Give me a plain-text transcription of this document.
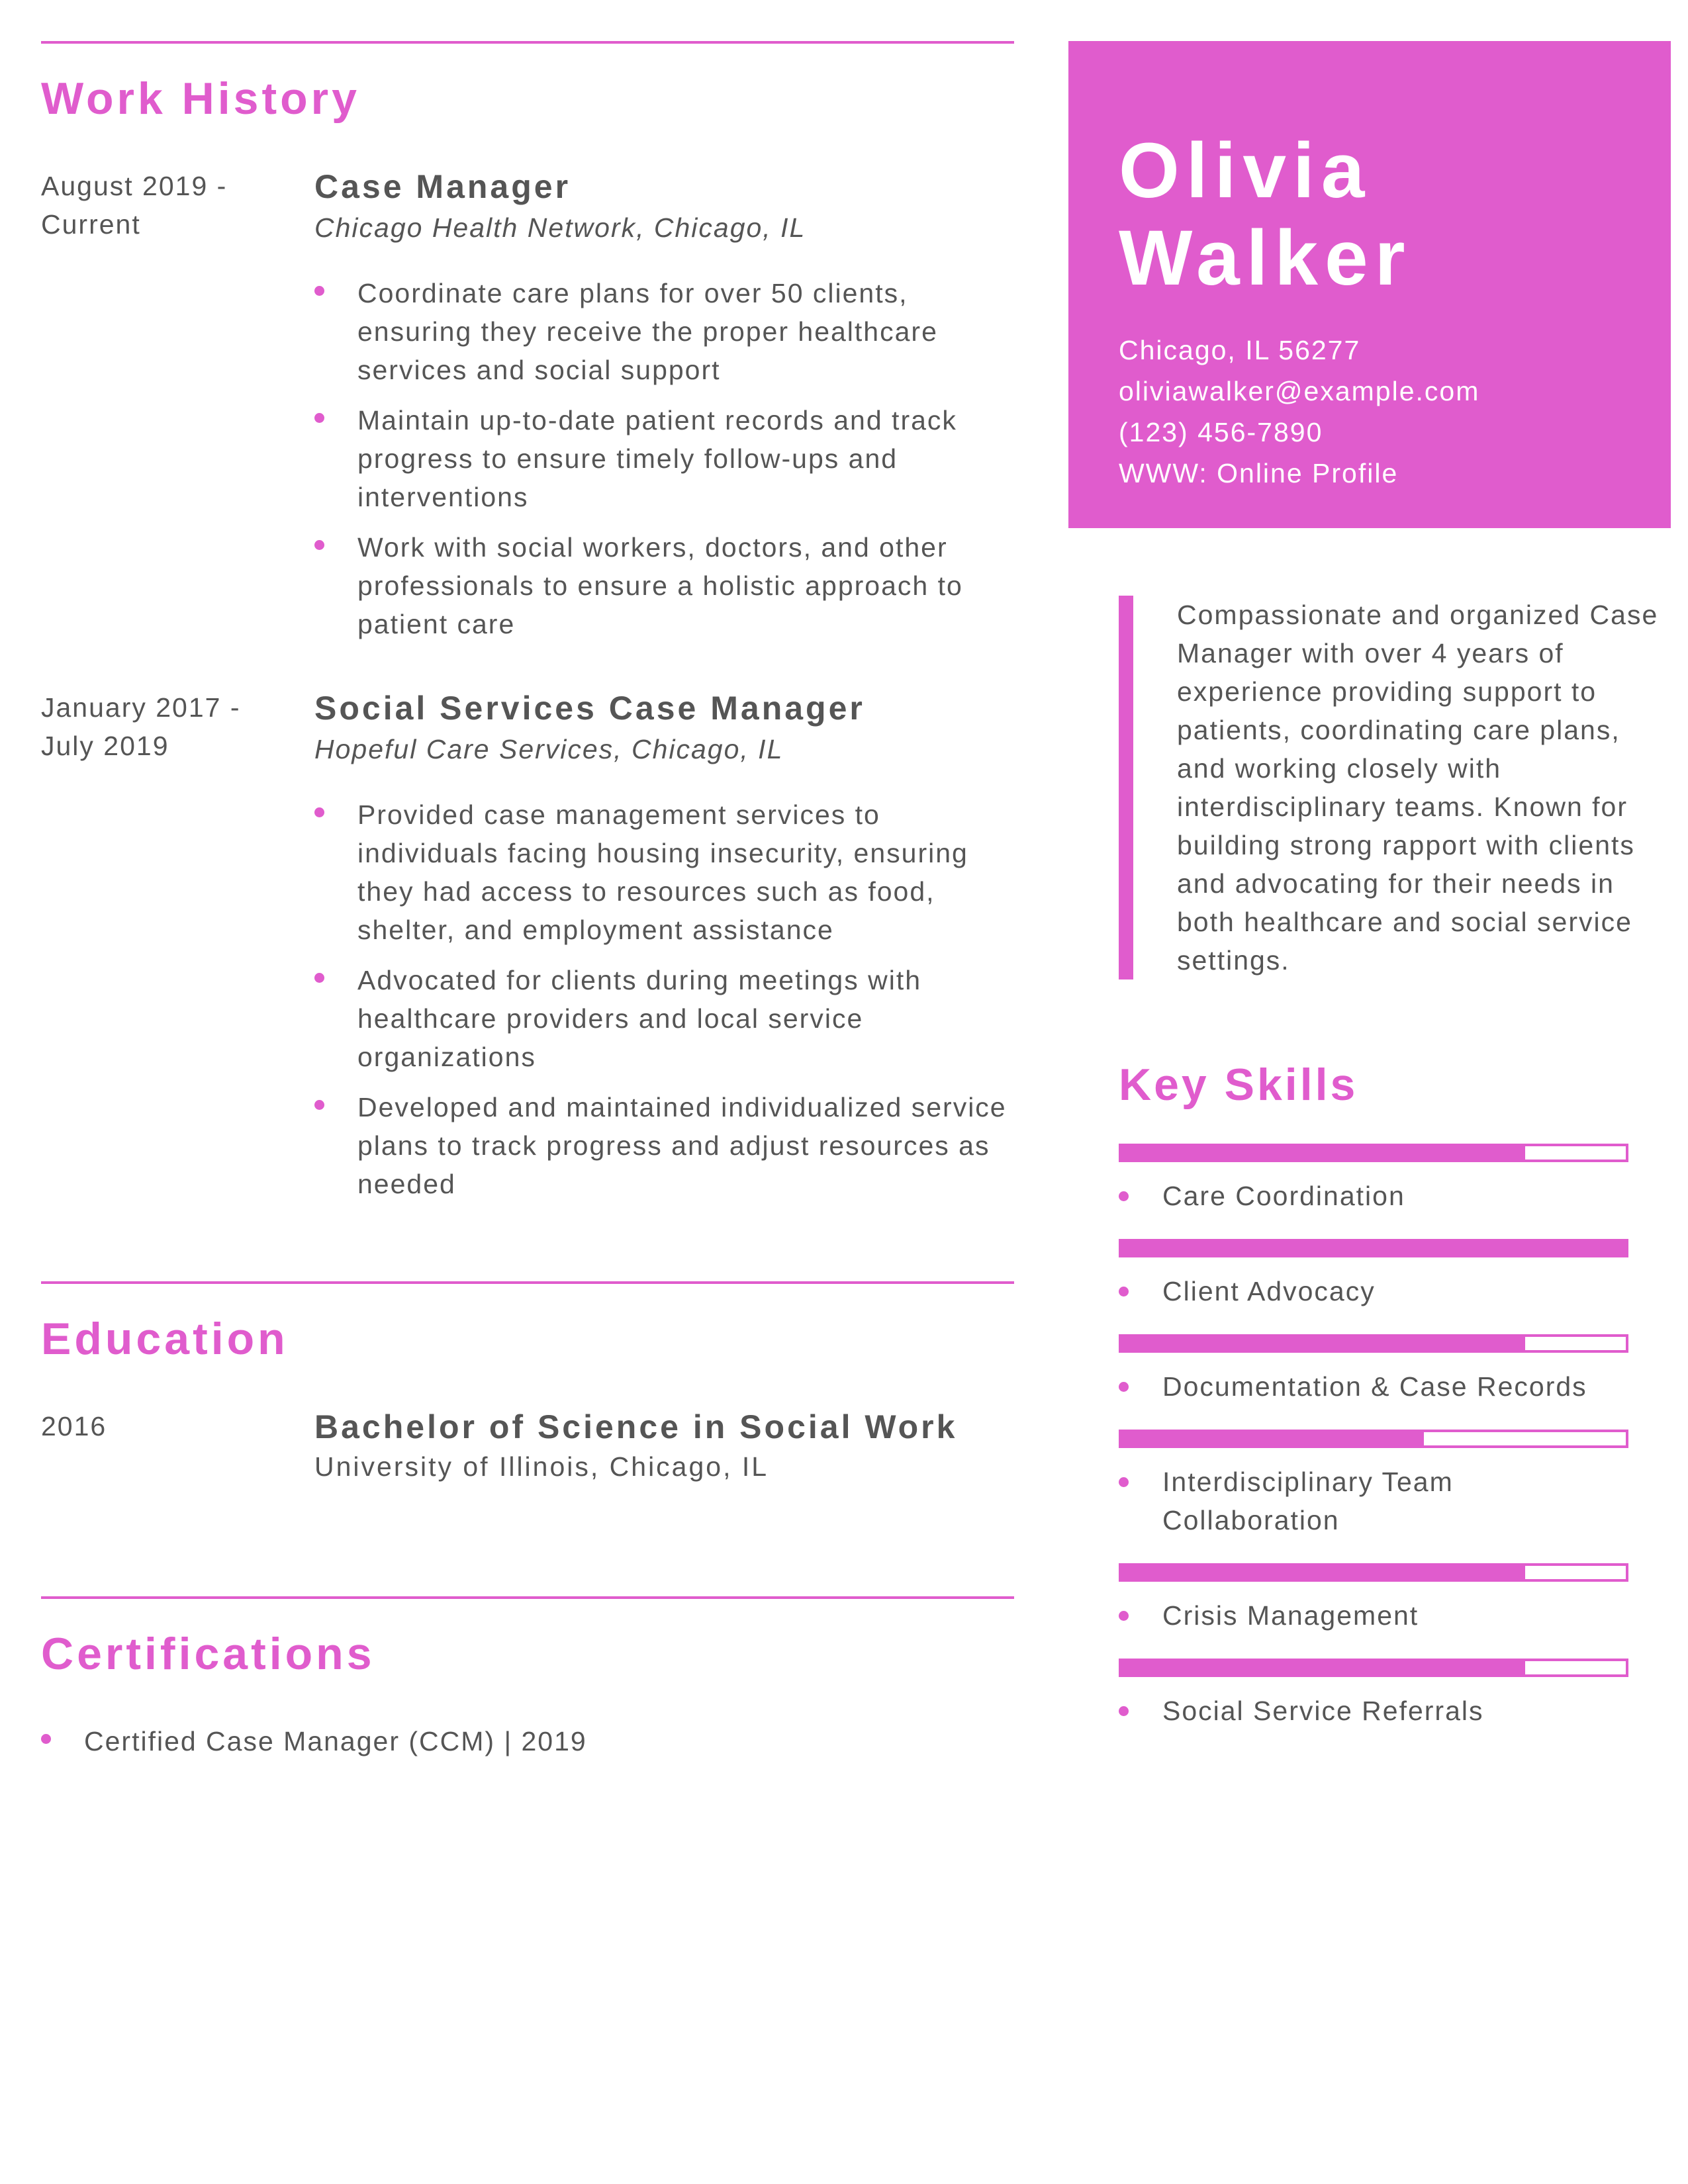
Work History
August 2019 - Current
Case Manager
Chicago Health Network, Chicago, IL
Coordinate care plans for over 50 clients, ensuring they receive the proper healthcare services and social support
Maintain up-to-date patient records and track progress to ensure timely follow-ups and interventions
Work with social workers, doctors, and other professionals to ensure a holistic approach to patient care
January 2017 - July 2019
Social Services Case Manager
Hopeful Care Services, Chicago, IL
Provided case management services to individuals facing housing insecurity, ensuring they had access to resources such as food, shelter, and employment assistance
Advocated for clients during meetings with healthcare providers and local service organizations
Developed and maintained individualized service plans to track progress and adjust resources as needed
Education
2016	Bachelor of Science in Social Work
University of Illinois, Chicago, IL
Certifications
Certified Case Manager (CCM) | 2019
Olivia
Walker
Chicago, IL 56277
oliviawalker@example.com
(123) 456-7890
WWW: Online Profile

Compassionate and organized Case Manager with over 4 years of experience providing support to patients, coordinating care plans, and working closely with interdisciplinary teams. Known for building strong rapport with clients and advocating for their needs in both healthcare and social service settings.

Key Skills
Care Coordination
Client Advocacy
Documentation & Case Records
Interdisciplinary Team Collaboration
Crisis Management
Social Service Referrals
